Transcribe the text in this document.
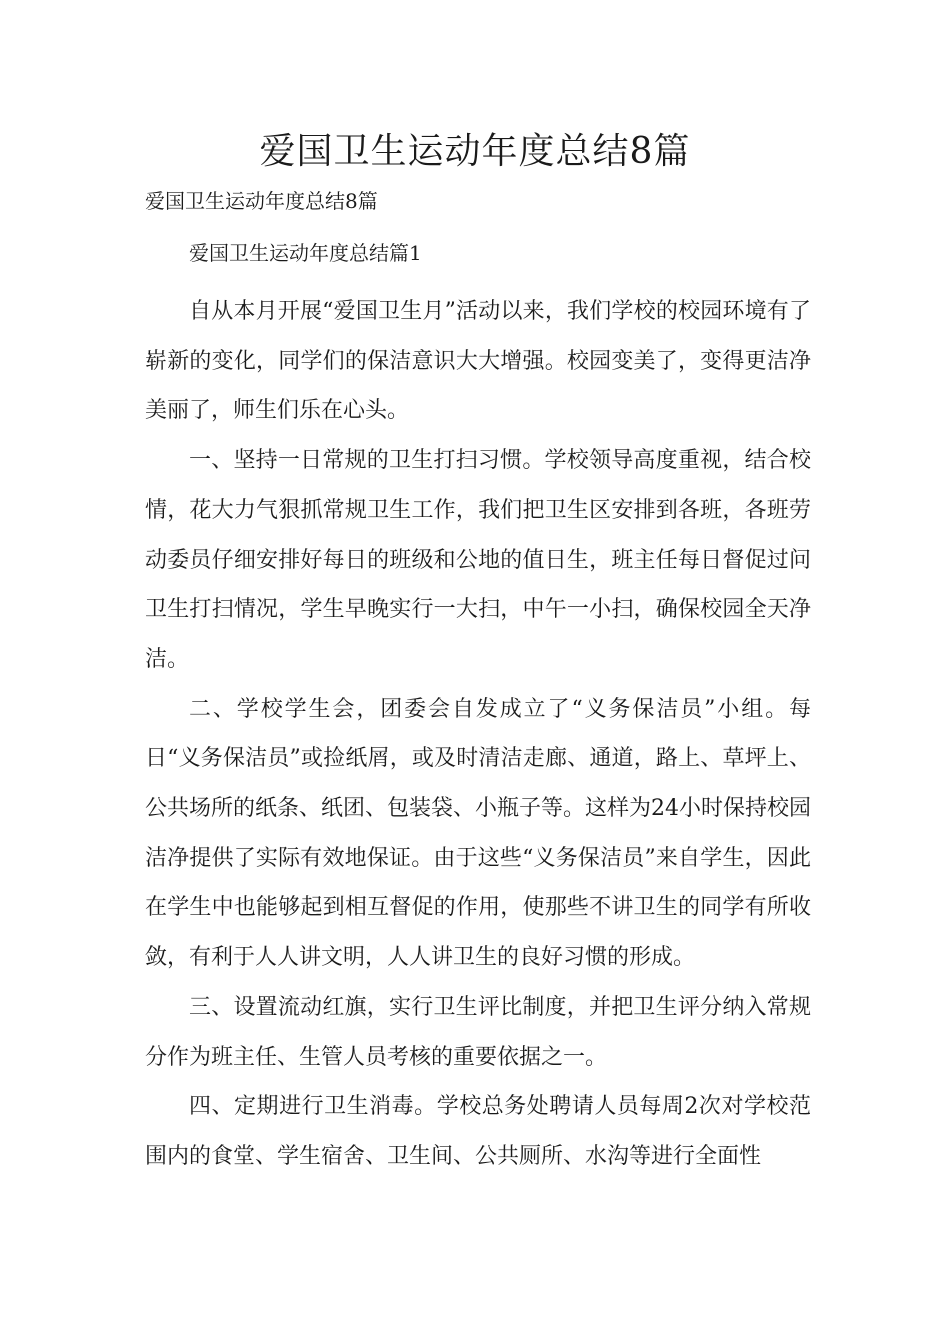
爱国卫生运动年度总结8篇

爱国卫生运动年度总结8篇

爱国卫生运动年度总结篇1

自从本月开展“爱国卫生月”活动以来，我们学校的校园环境有了崭新的变化，同学们的保洁意识大大增强。校园变美了，变得更洁净美丽了，师生们乐在心头。

一、坚持一日常规的卫生打扫习惯。学校领导高度重视，结合校情，花大力气狠抓常规卫生工作，我们把卫生区安排到各班，各班劳动委员仔细安排好每日的班级和公地的值日生，班主任每日督促过问卫生打扫情况，学生早晚实行一大扫，中午一小扫，确保校园全天净洁。

二、学校学生会，团委会自发成立了“义务保洁员”小组。每日“义务保洁员”或捡纸屑，或及时清洁走廊、通道，路上、草坪上、公共场所的纸条、纸团、包装袋、小瓶子等。这样为24小时保持校园洁净提供了实际有效地保证。由于这些“义务保洁员”来自学生，因此在学生中也能够起到相互督促的作用，使那些不讲卫生的同学有所收敛，有利于人人讲文明，人人讲卫生的良好习惯的形成。

三、设置流动红旗，实行卫生评比制度，并把卫生评分纳入常规分作为班主任、生管人员考核的重要依据之一。

四、定期进行卫生消毒。学校总务处聘请人员每周2次对学校范围内的食堂、学生宿舍、卫生间、公共厕所、水沟等进行全面性
